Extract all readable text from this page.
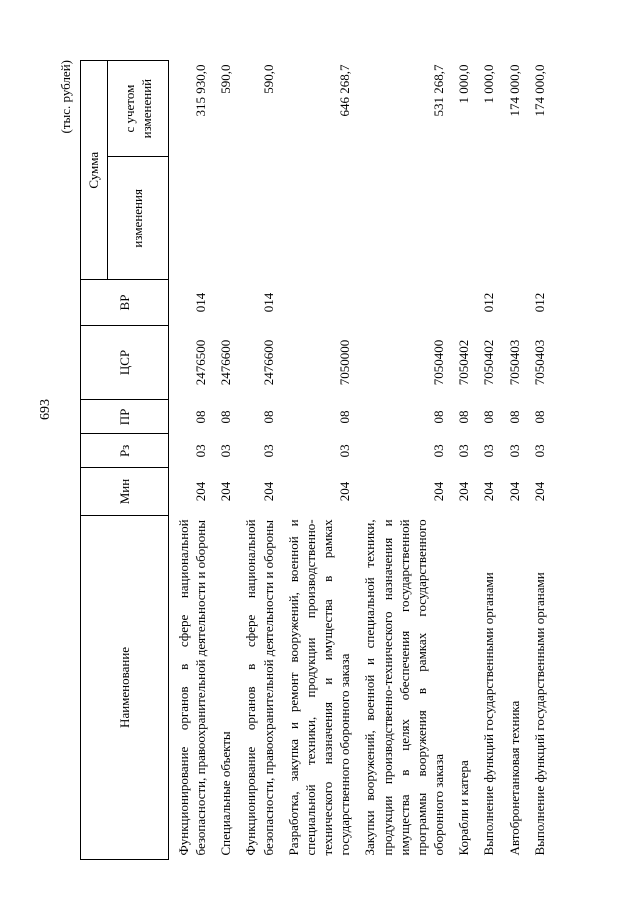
693
(тыс. рублей)
Наименование	Мин	Рз	ПР	ЦСР	ВР	Сумма	
						изменения	с учетом изменений
Функционирование органов в сфере национальной безопасности, правоохранительной деятельности и обороны	204	03	08	2476500	014		315 930,0
Специальные объекты	204	03	08	2476600			590,0
Функционирование органов в сфере национальной безопасности, правоохранительной деятельности и обороны	204	03	08	2476600	014		590,0
Разработка, закупка и ремонт вооружений, военной и специальной техники, продукции производственно-технического назначения и имущества в рамках государственного оборонного заказа	204	03	08	7050000			646 268,7
Закупки вооружений, военной и специальной техники, продукции производственно-технического назначения и имущества в целях обеспечения государственной программы вооружения в рамках государственного оборонного заказа	204	03	08	7050400			531 268,7
Корабли и катера	204	03	08	7050402			1 000,0
Выполнение функций государственными органами	204	03	08	7050402	012		1 000,0
Автобронетанковая техника	204	03	08	7050403			174 000,0
Выполнение функций государственными органами	204	03	08	7050403	012		174 000,0
